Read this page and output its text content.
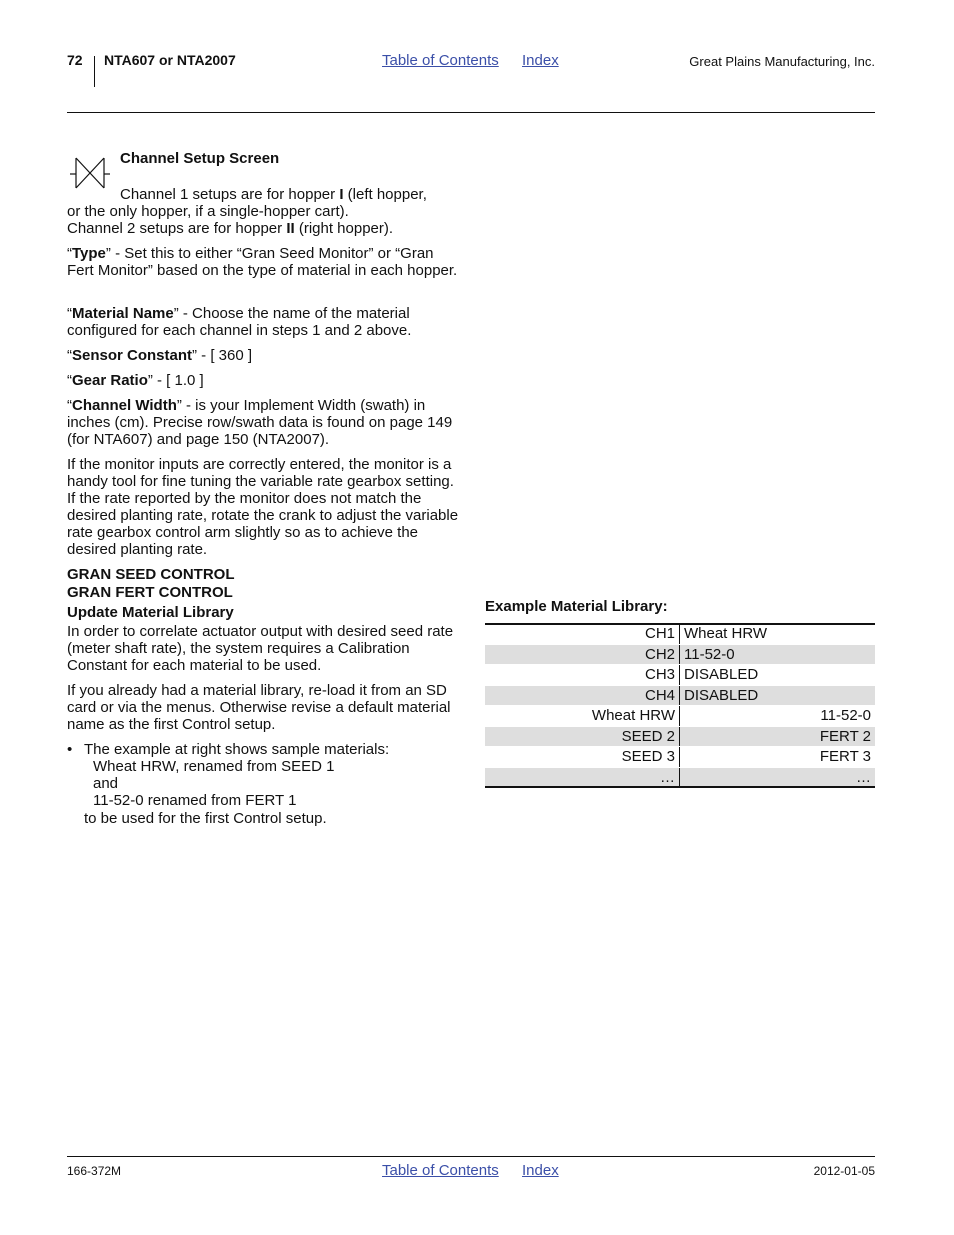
72 NTA607 or NTA2007	Table of Contents Index	Great Plains Manufacturing, Inc.
Channel Setup Screen

Channel 1 setups are for hopper I (left hopper,

or the only hopper, if a single-hopper cart).

Channel 2 setups are for hopper II (right hopper).

“Type” - Set this to either “Gran Seed Monitor” or “Gran Fert Monitor” based on the type of material in each hopper.
“Material Name” - Choose the name of the material configured for each channel in steps 1 and 2 above.
“Sensor Constant” - [ 360 ]
“Gear Ratio” - [ 1.0 ]
“Channel Width” - is your Implement Width (swath) in inches (cm). Precise row/swath data is found on page 149 (for NTA607) and page 150 (NTA2007).
If the monitor inputs are correctly entered, the monitor is a handy tool for fine tuning the variable rate gearbox setting. If the rate reported by the monitor does not match the desired planting rate, rotate the crank to adjust the variable rate gearbox control arm slightly so as to achieve the desired planting rate.
GRAN SEED CONTROL
GRAN FERT CONTROL
Update Material Library
In order to correlate actuator output with desired seed rate (meter shaft rate), the system requires a Calibration Constant for each material to be used.
If you already had a material library, re-load it from an SD card or via the menus. Otherwise revise a default material name as the first Control setup.
• The example at right shows sample materials:
Wheat HRW, renamed from SEED 1
and
11-52-0 renamed from FERT 1
to be used for the first Control setup.
Example Material Library:
CH1	Wheat HRW
CH2	11-52-0
CH3	DISABLED
CH4	DISABLED
Wheat HRW	11-52-0
SEED 2	FERT 2
SEED 3	FERT 3
…	…
166-372M	Table of Contents Index	2012-01-05
